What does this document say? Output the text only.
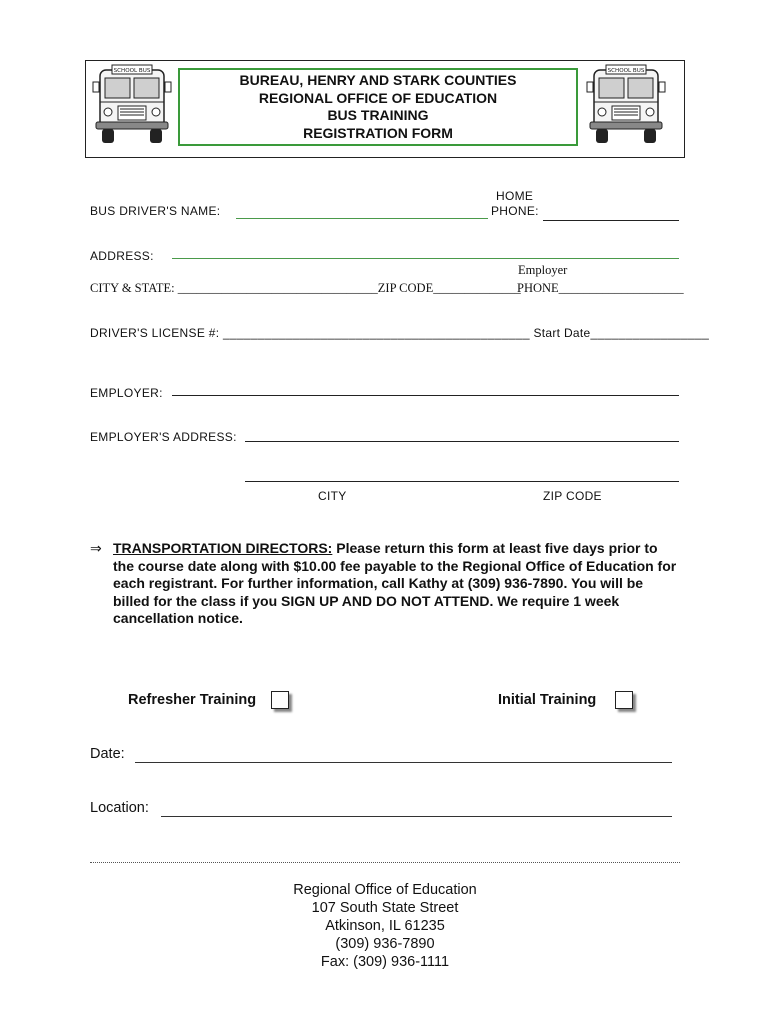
SCHOOL BUS	SCHOOL BUS
BUREAU, HENRY AND STARK COUNTIES
REGIONAL OFFICE OF EDUCATION
BUS TRAINING
REGISTRATION FORM
BUS DRIVER'S NAME:
HOME
PHONE:
ADDRESS:
Employer
CITY & STATE: ________________________________ZIP CODE______________
PHONE____________________
DRIVER'S LICENSE #: ____________________________________________ Start Date_________________
EMPLOYER:
EMPLOYER'S ADDRESS:
CITY	ZIP CODE
⇒ TRANSPORTATION DIRECTORS: Please return this form at least five days prior to the course date along with $10.00 fee payable to the Regional Office of Education for each registrant. For further information, call Kathy at (309) 936-7890. You will be billed for the class if you SIGN UP AND DO NOT ATTEND. We require 1 week cancellation notice.
Refresher Training	Initial Training
Date:
Location:
Regional Office of Education
107 South State Street
Atkinson, IL 61235
(309) 936-7890
Fax: (309) 936-1111
